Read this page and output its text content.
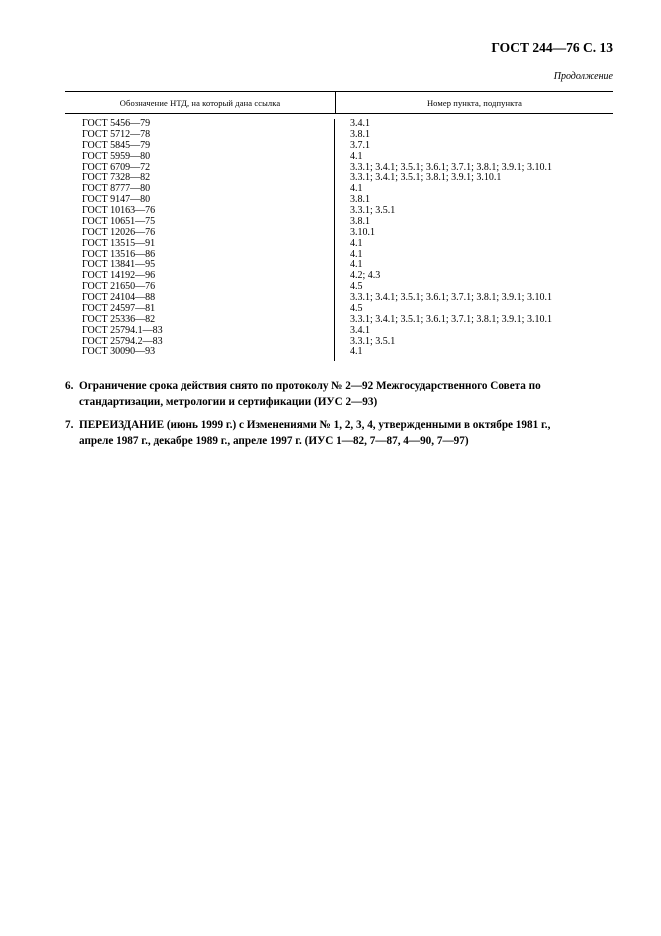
ГОСТ 244—76 С. 13
Продолжение
Обозначение НТД, на который дана ссылка	Номер пункта, подпункта
ГОСТ 5456—79
ГОСТ 5712—78
ГОСТ 5845—79
ГОСТ 5959—80
ГОСТ 6709—72
ГОСТ 7328—82
ГОСТ 8777—80
ГОСТ 9147—80
ГОСТ 10163—76
ГОСТ 10651—75
ГОСТ 12026—76
ГОСТ 13515—91
ГОСТ 13516—86
ГОСТ 13841—95
ГОСТ 14192—96
ГОСТ 21650—76
ГОСТ 24104—88
ГОСТ 24597—81
ГОСТ 25336—82
ГОСТ 25794.1—83
ГОСТ 25794.2—83
ГОСТ 30090—93
3.4.1
3.8.1
3.7.1
4.1
3.3.1; 3.4.1; 3.5.1; 3.6.1; 3.7.1; 3.8.1; 3.9.1; 3.10.1
3.3.1; 3.4.1; 3.5.1; 3.8.1; 3.9.1; 3.10.1
4.1
3.8.1
3.3.1; 3.5.1
3.8.1
3.10.1
4.1
4.1
4.1
4.2; 4.3
4.5
3.3.1; 3.4.1; 3.5.1; 3.6.1; 3.7.1; 3.8.1; 3.9.1; 3.10.1
4.5
3.3.1; 3.4.1; 3.5.1; 3.6.1; 3.7.1; 3.8.1; 3.9.1; 3.10.1
3.4.1
3.3.1; 3.5.1
4.1
6. Ограничение срока действия снято по протоколу № 2—92 Межгосударственного Совета по
стандартизации, метрологии и сертификации (ИУС 2—93)
7. ПЕРЕИЗДАНИЕ (июнь 1999 г.) с Изменениями № 1, 2, 3, 4, утвержденными в октябре 1981 г.,
апреле 1987 г., декабре 1989 г., апреле 1997 г. (ИУС 1—82, 7—87, 4—90, 7—97)
